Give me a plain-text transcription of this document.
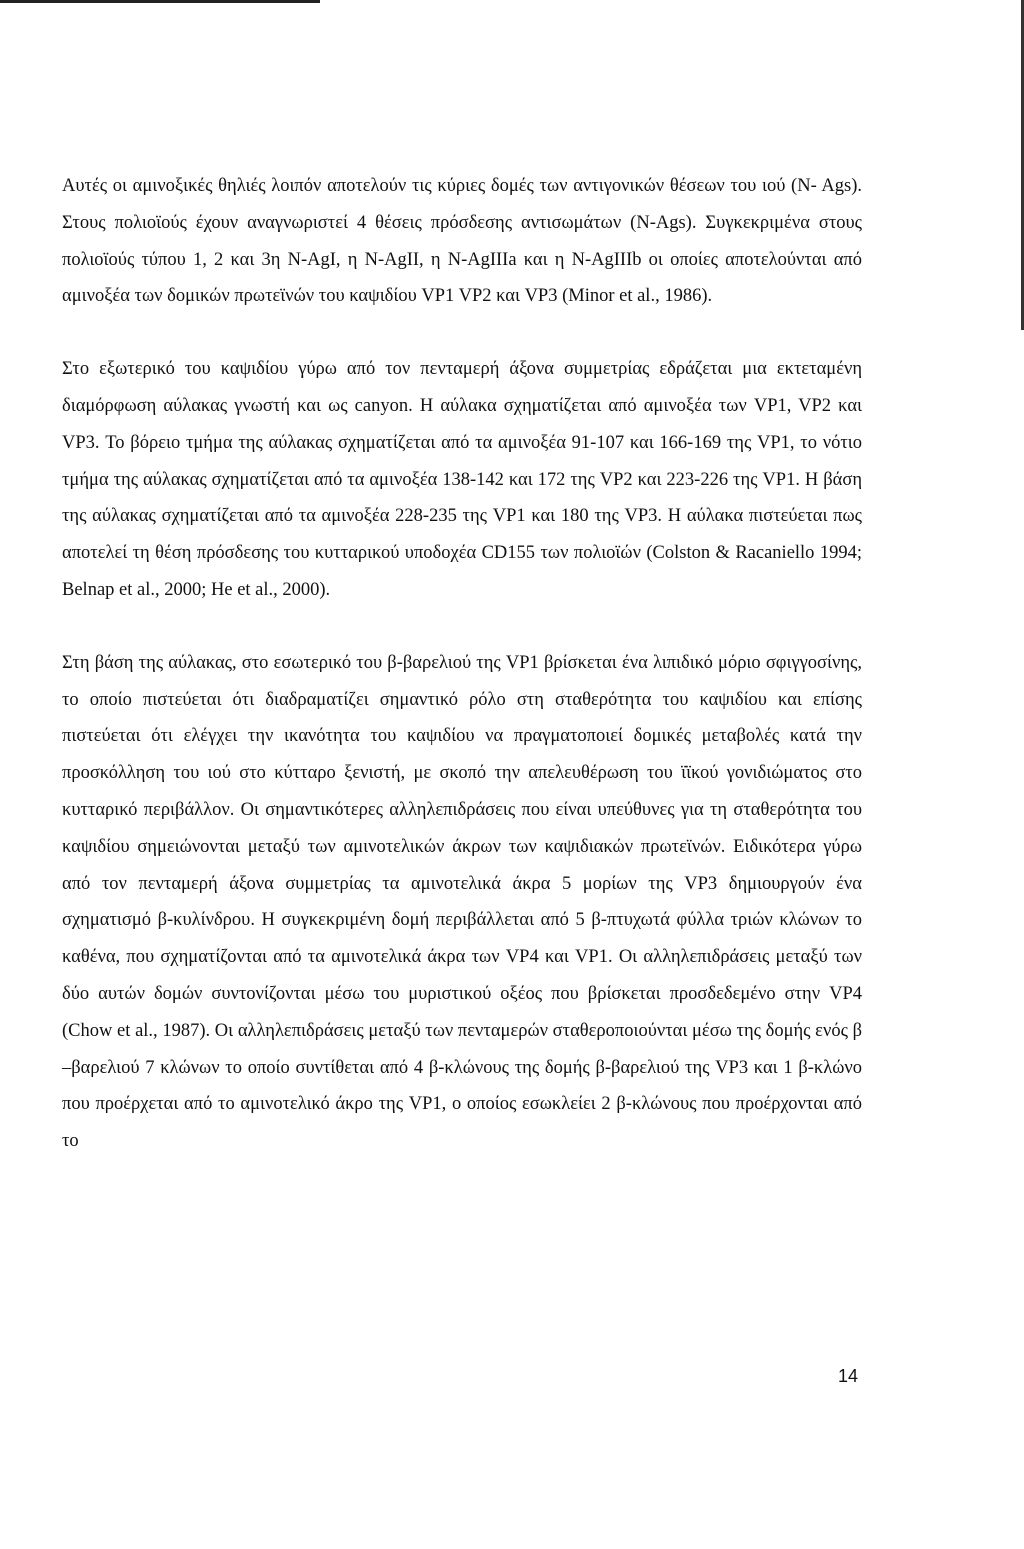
Αυτές οι αμινοξικές θηλιές λοιπόν αποτελούν τις κύριες δομές των αντιγονικών θέσεων του ιού (N- Ags). Στους πολιοϊούς έχουν αναγνωριστεί 4 θέσεις πρόσδεσης αντισωμάτων (N-Ags). Συγκεκριμένα στους πολιοϊούς τύπου 1, 2 και 3η N-AgI, η N-AgII, η N-AgIIIa και η N-AgIIIb οι οποίες αποτελούνται από αμινοξέα των δομικών πρωτεϊνών του καψιδίου VP1 VP2 και VP3 (Minor et al., 1986).

Στο εξωτερικό του καψιδίου γύρω από τον πενταμερή άξονα συμμετρίας εδράζεται μια εκτεταμένη διαμόρφωση αύλακας γνωστή και ως canyon. Η αύλακα σχηματίζεται από αμινοξέα των VP1, VP2 και VP3. Το βόρειο τμήμα της αύλακας σχηματίζεται από τα αμινοξέα 91-107 και 166-169 της VP1, το νότιο τμήμα της αύλακας σχηματίζεται από τα αμινοξέα 138-142 και 172 της VP2 και 223-226 της VP1. Η βάση της αύλακας σχηματίζεται από τα αμινοξέα 228-235 της VP1 και 180 της VP3. Η αύλακα πιστεύεται πως αποτελεί τη θέση πρόσδεσης του κυτταρικού υποδοχέα CD155 των πολιοϊών (Colston & Racaniello 1994; Belnap et al., 2000; He et al., 2000).

Στη βάση της αύλακας, στο εσωτερικό του β-βαρελιού της VP1 βρίσκεται ένα λιπιδικό μόριο σφιγγοσίνης, το οποίο πιστεύεται ότι διαδραματίζει σημαντικό ρόλο στη σταθερότητα του καψιδίου και επίσης πιστεύεται ότι ελέγχει την ικανότητα του καψιδίου να πραγματοποιεί δομικές μεταβολές κατά την προσκόλληση του ιού στο κύτταρο ξενιστή, με σκοπό την απελευθέρωση του ϊϊκού γονιδιώματος στο κυτταρικό περιβάλλον. Οι σημαντικότερες αλληλεπιδράσεις που είναι υπεύθυνες για τη σταθερότητα του καψιδίου σημειώνονται μεταξύ των αμινοτελικών άκρων των καψιδιακών πρωτεϊνών. Ειδικότερα γύρω από τον πενταμερή άξονα συμμετρίας τα αμινοτελικά άκρα 5 μορίων της VP3 δημιουργούν ένα σχηματισμό β-κυλίνδρου. Η συγκεκριμένη δομή περιβάλλεται από 5 β-πτυχωτά φύλλα τριών κλώνων το καθένα, που σχηματίζονται από τα αμινοτελικά άκρα των VP4 και VP1. Οι αλληλεπιδράσεις μεταξύ των δύο αυτών δομών συντονίζονται μέσω του μυριστικού οξέος που βρίσκεται προσδεδεμένο στην VP4 (Chow et al., 1987). Οι αλληλεπιδράσεις μεταξύ των πενταμερών σταθεροποιούνται μέσω της δομής ενός β –βαρελιού 7 κλώνων το οποίο συντίθεται από 4 β-κλώνους της δομής β-βαρελιού της VP3 και 1 β-κλώνο που προέρχεται από το αμινοτελικό άκρο της VP1, ο οποίος εσωκλείει 2 β-κλώνους που προέρχονται από το

14
